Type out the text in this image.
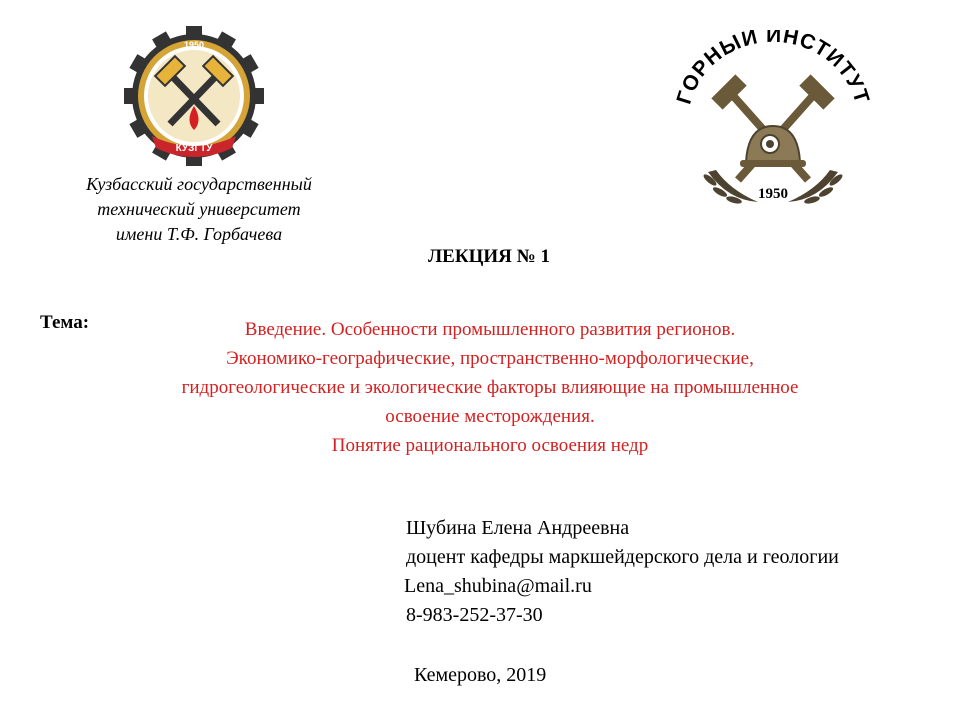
1950
КУЗГТУ
ГОРНЫЙ ИНСТИТУТ
1950
Кузбасский государственный
технический университет
имени Т.Ф. Горбачева
ЛЕКЦИЯ № 1
Тема:	Введение. Особенности промышленного развития регионов.
Экономико-географические, пространственно-морфологические,
гидрогеологические и экологические факторы влияющие на промышленное
освоение месторождения.
Понятие рационального освоения недр
Шубина Елена Андреевна
доцент кафедры маркшейдерского дела и геологии
Lena_shubina@mail.ru
8-983-252-37-30
Кемерово, 2019
